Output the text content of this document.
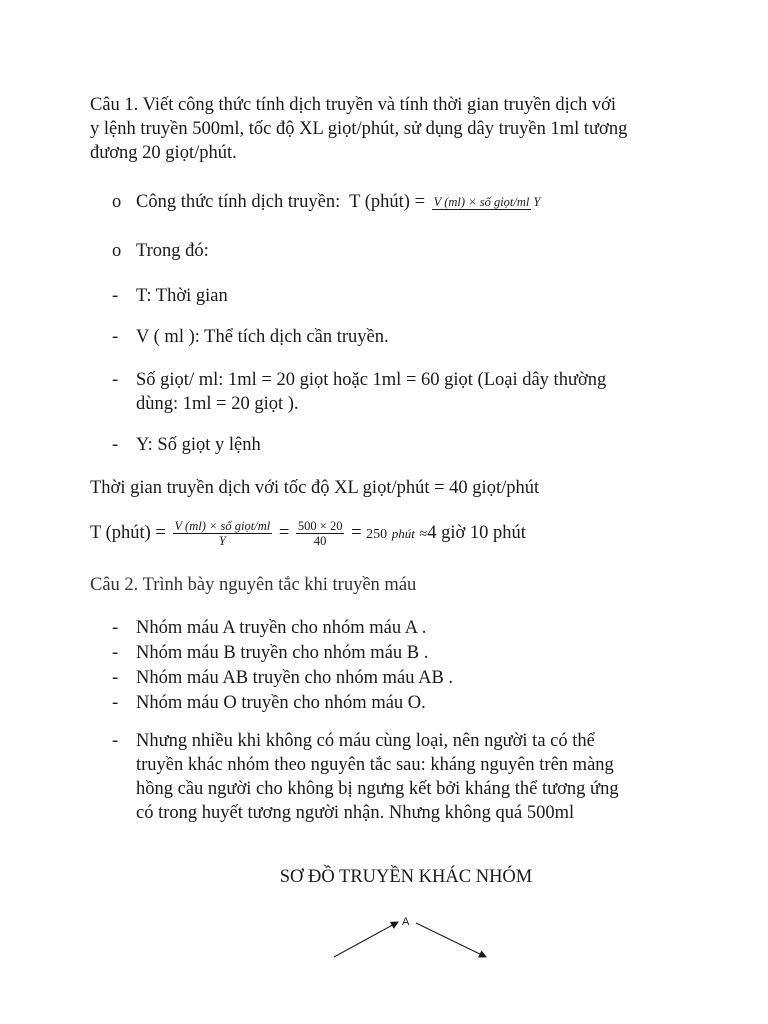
Câu 1. Viết công thức tính dịch truyền và tính thời gian truyền dịch với
y lệnh truyền 500ml, tốc độ XL giọt/phút, sử dụng dây truyền 1ml tương
đương 20 giọt/phút.
o Công thức tính dịch truyền:  T (phút) = V (ml) × số giọt/ml Y
o Trong đó:
- T: Thời gian
- V ( ml ): Thể tích dịch cần truyền.
- Số giọt/ ml: 1ml = 20 giọt hoặc 1ml = 60 giọt (Loại dây thường
dùng: 1ml = 20 giọt ).
- Y: Số giọt y lệnh
Thời gian truyền dịch với tốc độ XL giọt/phút = 40 giọt/phút
T (phút) = $\frac{\text{V (ml) × số giọt/ml}}{Y} = \frac{500 \times 20}{40} = 250$ phút ≈4 giờ 10 phút
Câu 2. Trình bày nguyên tắc khi truyền máu
- Nhóm máu A truyền cho nhóm máu A .
- Nhóm máu B truyền cho nhóm máu B .
- Nhóm máu AB truyền cho nhóm máu AB .
- Nhóm máu O truyền cho nhóm máu O.
- Nhưng nhiều khi không có máu cùng loại, nên người ta có thể
truyền khác nhóm theo nguyên tắc sau: kháng nguyên trên màng
hồng cầu người cho không bị ngưng kết bởi kháng thể tương ứng
có trong huyết tương người nhận. Nhưng không quá 500ml
SƠ ĐỒ TRUYỀN KHÁC NHÓM
A
